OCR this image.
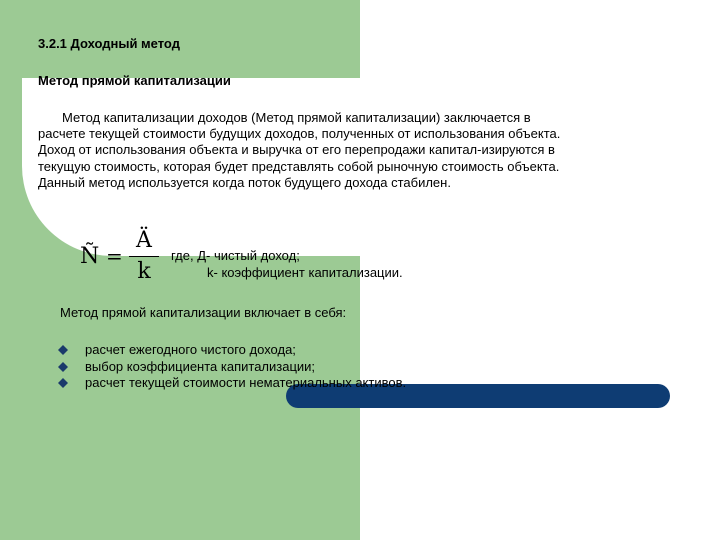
3.2.1 Доходный метод
Метод прямой капитализации
Метод капитализации доходов (Метод прямой капитализации) заключается в
расчете текущей стоимости будущих доходов, полученных от использования объекта.
Доход от использования объекта и выручка от его перепродажи капитал-изируются в
текущую стоимость, которая будет представлять собой рыночную стоимость объекта.
Данный метод используется когда поток будущего дохода стабилен.
Ñ =
Ä
k
где, Д- чистый доход;
k- коэффициент капитализации.
Метод прямой капитализации включает в себя:
расчет ежегодного чистого дохода;
выбор коэффициента капитализации;
расчет текущей стоимости нематериальных активов.
